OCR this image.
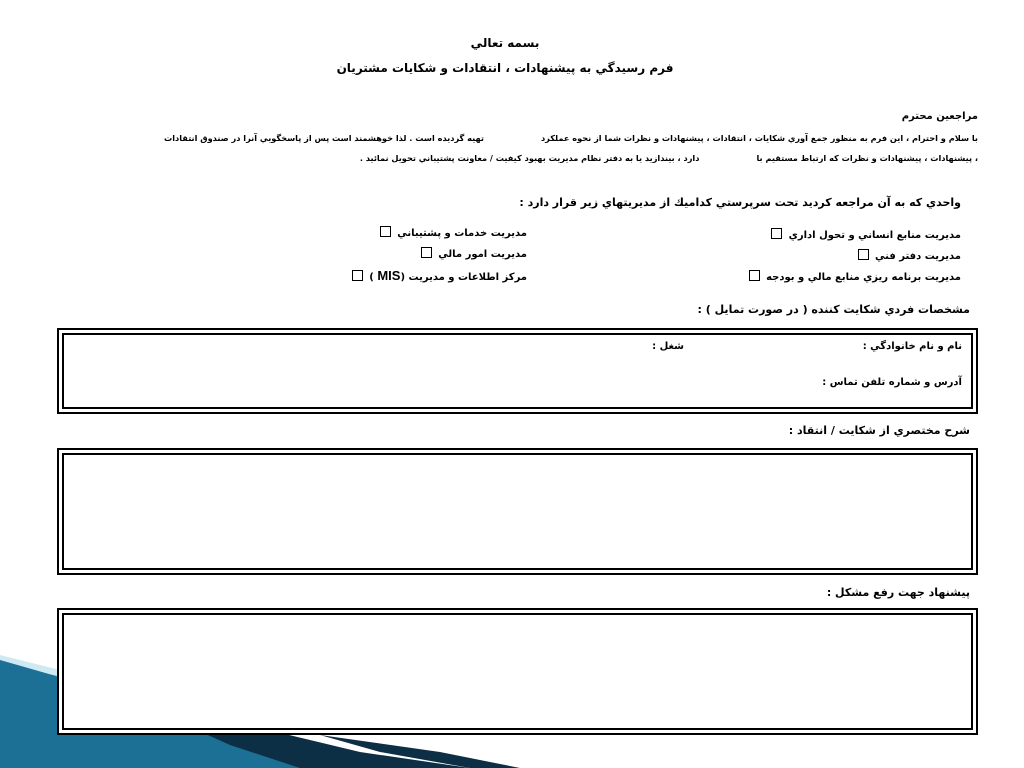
بسمه تعالي
فرم رسيدگي به پيشنهادات ، انتقادات و شکايات مشتريان
مراجعين محترم
با سلام و احترام ، اين فرم به منظور جمع آوري شکايات ، انتقادات ، پيشنهادات و نظرات شما از نحوه عملکرد                    تهيه گرديده است . لذا خوهشمند است پس از پاسخگويي آنرا در صندوق انتقادات
، پيشنهادات ، پيشنهادات و نظرات که ارتباط مستقيم با                    دارد ، بيندازيد يا به دفتر نظام مديريت بهبود کيفيت / معاونت پشتيباني تحويل نمائيد .
واحدي که به آن مراجعه کرديد تحت سرپرستي کداميك از مديريتهاي زير قرار دارد :
مديريت منابع انساني و تحول اداري
مديريت دفتر فني
مديريت برنامه ريزي منابع مالي و بودجه
مديريت خدمات و پشتيباني
مديريت امور مالي
مركز اطلاعات و مديريت (MIS )
مشخصات فردي شکايت کننده ( در صورت تمايل ) :
نام و نام خانوادگي :
شغل :
آدرس و شماره تلفن تماس :
شرح مختصري از شکايت / انتقاد :
پيشنهاد جهت رفع مشكل :
